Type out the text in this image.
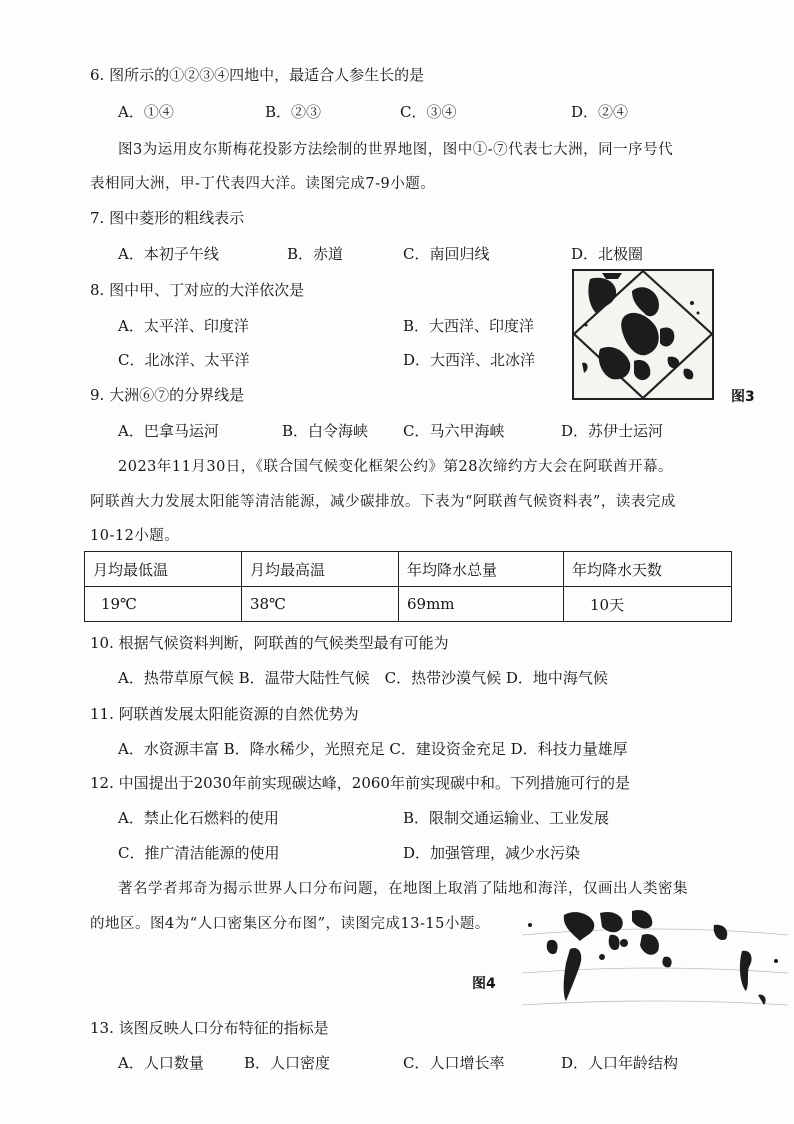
6. 图所示的①②③④四地中，最适合人参生长的是
A．①④	B．②③	C．③④	D．②④
图3为运用皮尔斯梅花投影方法绘制的世界地图，图中①-⑦代表七大洲，同一序号代
表相同大洲，甲-丁代表四大洋。读图完成7-9小题。
7. 图中菱形的粗线表示
A．本初子午线	B．赤道	C．南回归线	D．北极圈
8. 图中甲、丁对应的大洋依次是
A．太平洋、印度洋	B．大西洋、印度洋
C．北冰洋、太平洋	D．大西洋、北冰洋
图3
9. 大洲⑥⑦的分界线是
A．巴拿马运河	B．白令海峡 C．马六甲海峡	D．苏伊士运河
2023年11月30日，《联合国气候变化框架公约》第28次缔约方大会在阿联酋开幕。
阿联酋大力发展太阳能等清洁能源，减少碳排放。下表为“阿联酋气候资料表”，读表完成
10-12小题。
月均最低温	月均最高温	年均降水总量	年均降水天数
19℃	38℃	69mm	10天
10. 根据气候资料判断，阿联酋的气候类型最有可能为
A．热带草原气候 B．温带大陆性气候　C．热带沙漠气候 D．地中海气候
11. 阿联酋发展太阳能资源的自然优势为
A．水资源丰富 B．降水稀少，光照充足 C．建设资金充足 D．科技力量雄厚
12. 中国提出于2030年前实现碳达峰，2060年前实现碳中和。下列措施可行的是
A．禁止化石燃料的使用	B．限制交通运输业、工业发展
C．推广清洁能源的使用	D．加强管理，减少水污染
著名学者邦奇为揭示世界人口分布问题，在地图上取消了陆地和海洋，仅画出人类密集
的地区。图4为“人口密集区分布图”，读图完成13-15小题。
图4
13. 该图反映人口分布特征的指标是
A．人口数量	B．人口密度	C．人口增长率	D．人口年龄结构
